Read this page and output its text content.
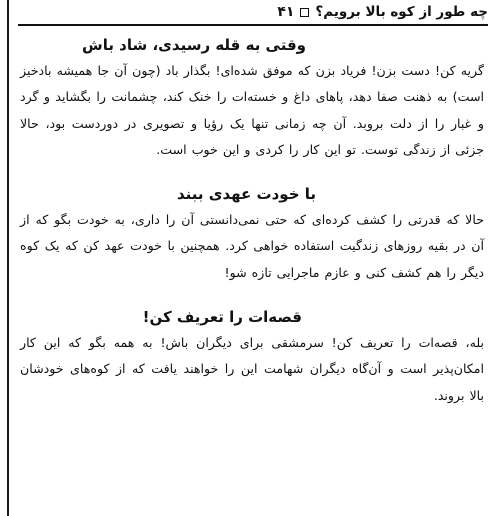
چه طور از کوه بالا برویم؟
۴۱
وقتی به قله رسیدی، شاد باش
گریه کن! دست بزن! فریاد بزن که موفق شده‌ای! بگذار باد (چون آن جا همیشه بادخیز است) به ذهنت صفا دهد، پاهای داغ و خسته‌ات را خنک کند، چشمانت را بگشاید و گرد و غبار را از دلت بروبد. آن چه زمانی تنها یک رؤیا و تصویری در دوردست بود، حالا جزئی از زندگی توست. تو این کار را کردی و این خوب است.
با خودت عهدی ببند
حالا که قدرتی را کشف کرده‌ای که حتی نمی‌دانستی آن را داری، به خودت بگو که از آن در بقیه روزهای زندگیت استفاده خواهی کرد. همچنین با خودت عهد کن که یک کوه دیگر را هم کشف کنی و عازم ماجرایی تازه شو!
قصه‌ات را تعریف کن!
بله، قصه‌ات را تعریف کن! سرمشقی برای دیگران باش! به همه بگو که این کار امکان‌پذیر است و آن‌گاه دیگران شهامت این را خواهند یافت که از کوه‌های خودشان بالا بروند.
